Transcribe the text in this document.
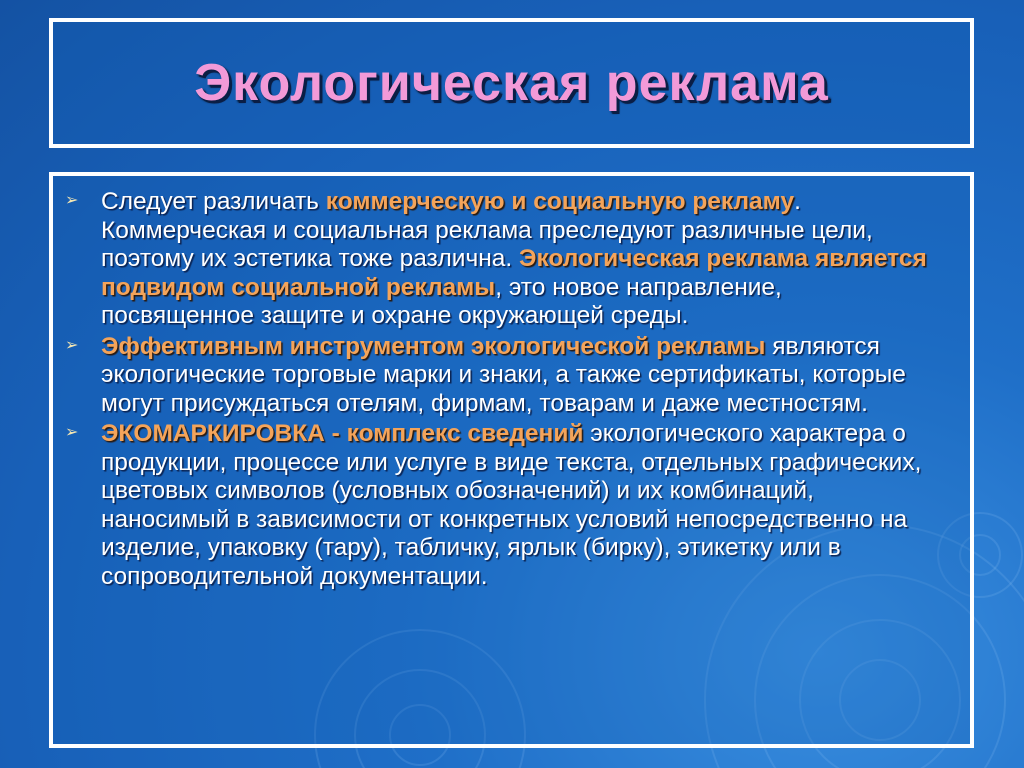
Экологическая реклама
➢ Следует различать коммерческую и социальную рекламу. Коммерческая и социальная реклама преследуют различные цели, поэтому их эстетика тоже различна. Экологическая реклама является подвидом социальной рекламы, это новое направление, посвященное защите и охране окружающей среды.
➢ Эффективным инструментом экологической рекламы являются экологические торговые марки и знаки, а также сертификаты, которые могут присуждаться отелям, фирмам, товарам и даже местностям.
➢ ЭКОМАРКИРОВКА - комплекс сведений экологического характера о продукции, процессе или услуге в виде текста, отдельных графических, цветовых символов (условных обозначений) и их комбинаций, наносимый в зависимости от конкретных условий непосредственно на изделие, упаковку (тару), табличку, ярлык (бирку), этикетку или в сопроводительной документации.
